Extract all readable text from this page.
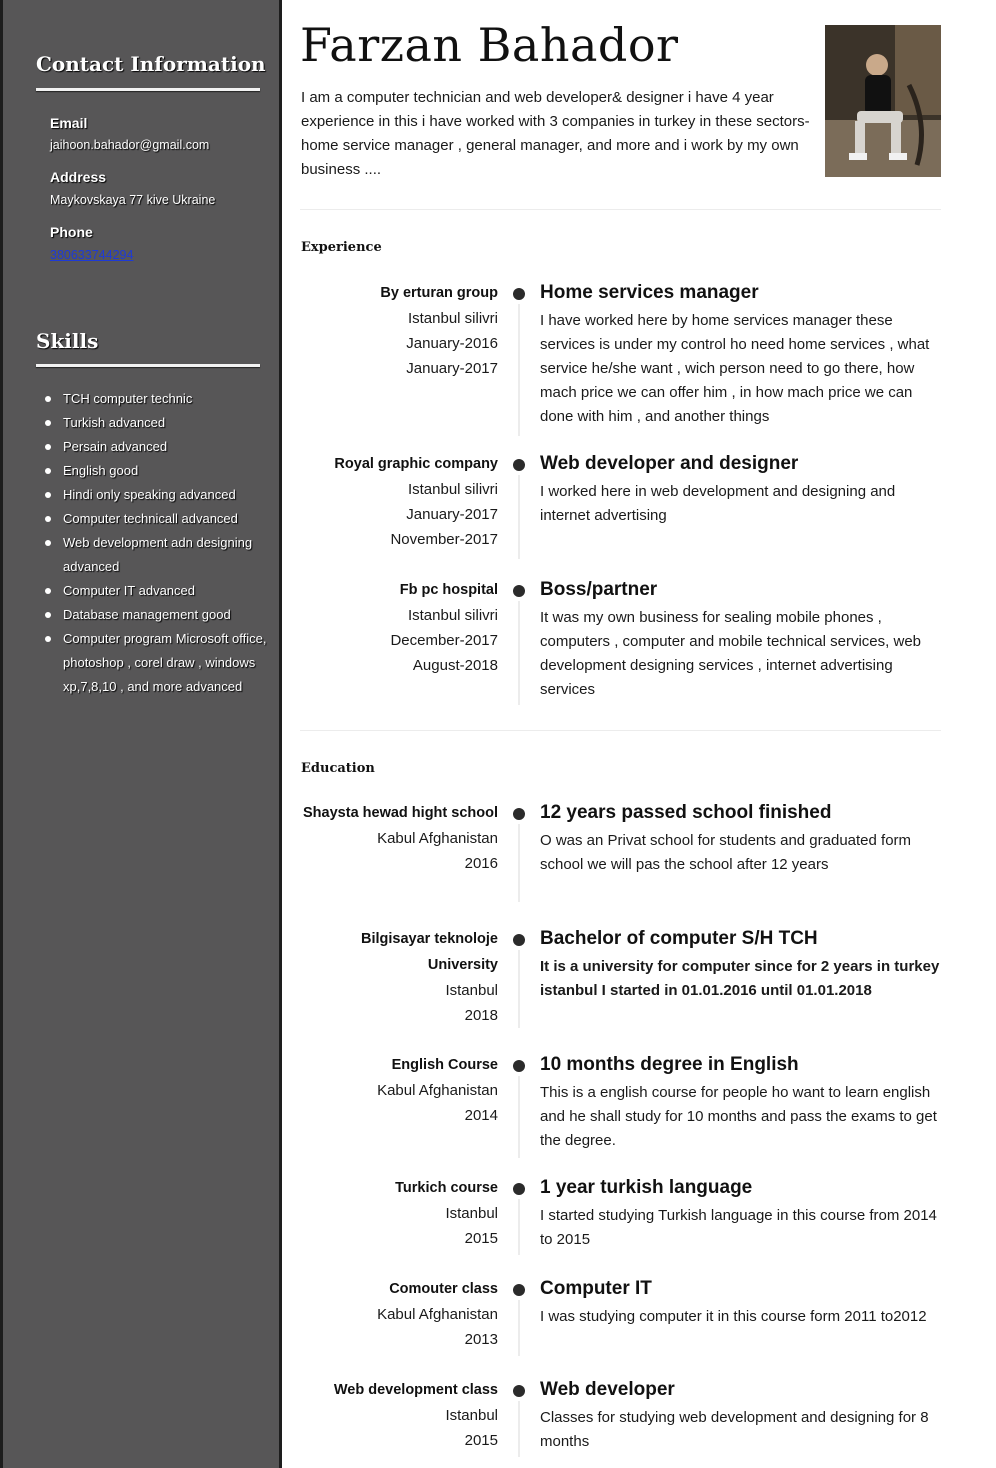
Contact Information
Email
jaihoon.bahador@gmail.com
Address
Maykovskaya 77 kive Ukraine
Phone
380633744294
Skills
TCH computer technic
Turkish advanced
Persain advanced
English good
Hindi only speaking advanced
Computer technicall advanced
Web development adn designing advanced
Computer IT advanced
Database management good
Computer program Microsoft office, photoshop , corel draw , windows xp,7,8,10 , and more advanced
Farzan Bahador

I am a computer technician and web developer& designer i have 4 year experience in this i have worked with 3 companies in turkey in these sectors-home service manager , general manager, and more and i work by my own business ....

Experience
By erturan group
Istanbul silivri
January-2016
January-2017
Home services manager
I have worked here by home services manager these services is under my control ho need home services , what service he/she want , wich person need to go there, how mach price we can offer him , in how mach price we can done with him , and another things
Royal graphic company
Istanbul silivri
January-2017
November-2017
Web developer and designer
I worked here in web development and designing and internet advertising
Fb pc hospital
Istanbul silivri
December-2017
August-2018
Boss/partner
It was my own business for sealing mobile phones , computers , computer and mobile technical services, web development designing services , internet advertising services
Education
Shaysta hewad hight school
Kabul Afghanistan
2016
12 years passed school finished
O was an Privat school for students and graduated form school we will pas the school after 12 years
Bilgisayar teknoloje University
Istanbul
2018
Bachelor of computer S/H TCH
It is a university for computer since for 2 years in turkey istanbul I started in 01.01.2016 until 01.01.2018
English Course
Kabul Afghanistan
2014
10 months degree in English
This is a english course for people ho want to learn english and he shall study for 10 months and pass the exams to get the degree.
Turkich course
Istanbul
2015
1 year turkish language
I started studying Turkish language in this course from 2014 to 2015
Comouter class
Kabul Afghanistan
2013
Computer IT
I was studying computer it in this course form 2011 to2012
Web development class
Istanbul
2015
Web developer
Classes for studying web development and designing for 8 months
